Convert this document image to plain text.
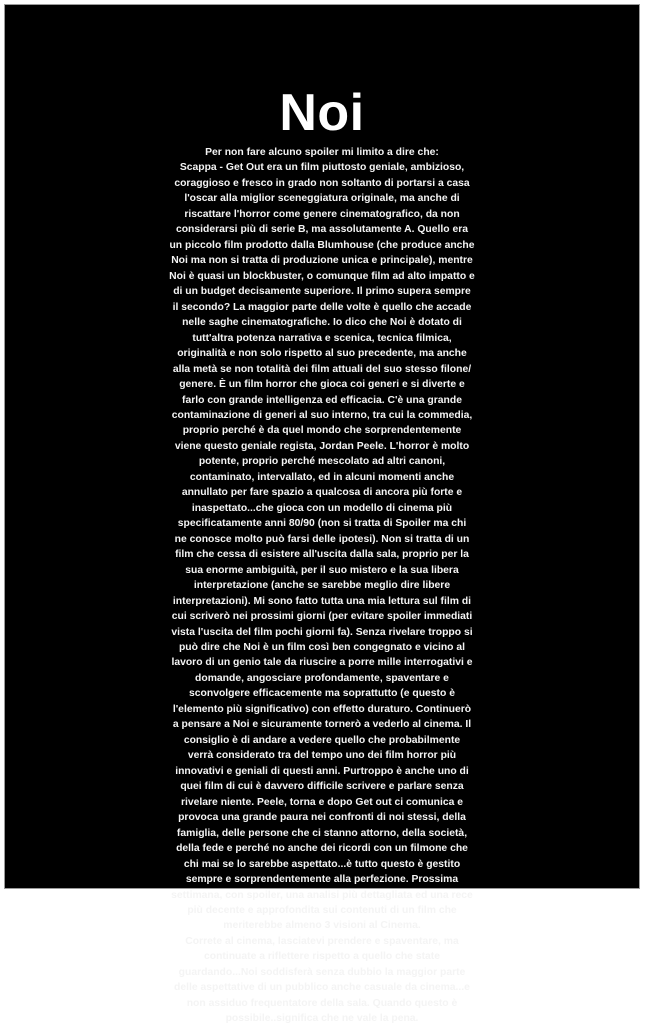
Noi
Per non fare alcuno spoiler mi limito a dire che:
Scappa - Get Out era un film piuttosto geniale, ambizioso,
coraggioso e fresco in grado non soltanto di portarsi a casa
l'oscar alla miglior sceneggiatura originale, ma anche di
riscattare l'horror come genere cinematografico, da non
considerarsi più di serie B, ma assolutamente A. Quello era
un piccolo film prodotto dalla Blumhouse (che produce anche
Noi ma non si tratta di produzione unica e principale), mentre
Noi è quasi un blockbuster, o comunque film ad alto impatto e
di un budget decisamente superiore. Il primo supera sempre
il secondo? La maggior parte delle volte è quello che accade
nelle saghe cinematografiche. Io dico che Noi è dotato di
tutt'altra potenza narrativa e scenica, tecnica filmica,
originalità e non solo rispetto al suo precedente, ma anche
alla metà se non totalità dei film attuali del suo stesso filone/
genere. È un film horror che gioca coi generi e si diverte e
farlo con grande intelligenza ed efficacia. C'è una grande
contaminazione di generi al suo interno, tra cui la commedia,
proprio perché è da quel mondo che sorprendentemente
viene questo geniale regista, Jordan Peele. L'horror è molto
potente, proprio perché mescolato ad altri canoni,
contaminato, intervallato, ed in alcuni momenti anche
annullato per fare spazio a qualcosa di ancora più forte e
inaspettato...che gioca con un modello di cinema più
specificatamente anni 80/90 (non si tratta di Spoiler ma chi
ne conosce molto può farsi delle ipotesi). Non si tratta di un
film che cessa di esistere all'uscita dalla sala, proprio per la
sua enorme ambiguità, per il suo mistero e la sua libera
interpretazione (anche se sarebbe meglio dire libere
interpretazioni). Mi sono fatto tutta una mia lettura sul film di
cui scriverò nei prossimi giorni (per evitare spoiler immediati
vista l'uscita del film pochi giorni fa). Senza rivelare troppo si
può dire che Noi è un film così ben congegnato e vicino al
lavoro di un genio tale da riuscire a porre mille interrogativi e
domande, angosciare profondamente, spaventare e
sconvolgere efficacemente ma soprattutto (e questo è
l'elemento più significativo) con effetto duraturo. Continuerò
a pensare a Noi e sicuramente tornerò a vederlo al cinema. Il
consiglio è di andare a vedere quello che probabilmente
verrà considerato tra del tempo uno dei film horror più
innovativi e geniali di questi anni. Purtroppo è anche uno di
quei film di cui è davvero difficile scrivere e parlare senza
rivelare niente. Peele, torna e dopo Get out ci comunica e
provoca una grande paura nei confronti di noi stessi, della
famiglia, delle persone che ci stanno attorno, della società,
della fede e perché no anche dei ricordi con un filmone che
chi mai se lo sarebbe aspettato...è tutto questo è gestito
sempre e sorprendentemente alla perfezione. Prossima
settimana, con spoiler, una analisi più dettagliata ed una rece
più decente e approfondita sui contenuti di un film che
meriterebbe almeno 3 visioni al Cinema.
Correte al cinema, lasciatevi prendere e spaventare, ma
continuate a riflettere rispetto a quello che state
guardando...Noi soddisferà senza dubbio la maggior parte
delle aspettative di un pubblico anche casuale da cinema...e
non assiduo frequentatore della sala. Quando questo è
possibile..significa che ne vale la pena.
